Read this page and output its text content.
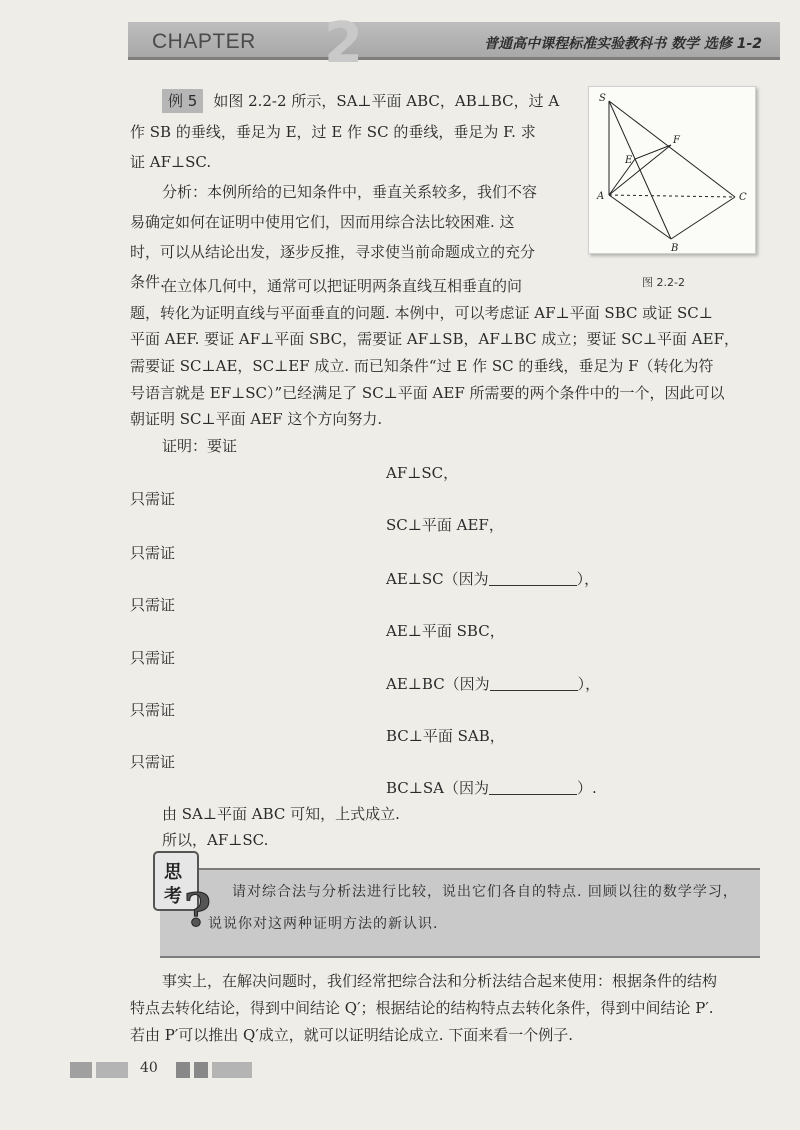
2
CHAPTER	普通高中课程标准实验教科书 数学 选修 1-2
例 5 如图 2.2-2 所示，SA⊥平面 ABC，AB⊥BC，过 A
作 SB 的垂线，垂足为 E，过 E 作 SC 的垂线，垂足为 F. 求
证 AF⊥SC.
分析：本例所给的已知条件中，垂直关系较多，我们不容
易确定如何在证明中使用它们，因而用综合法比较困难. 这
时，可以从结论出发，逐步反推，寻求使当前命题成立的充分
条件.
S
F
E
A	C
B
图 2.2-2
在立体几何中，通常可以把证明两条直线互相垂直的问
题，转化为证明直线与平面垂直的问题. 本例中，可以考虑证 AF⊥平面 SBC 或证 SC⊥
平面 AEF. 要证 AF⊥平面 SBC，需要证 AF⊥SB，AF⊥BC 成立；要证 SC⊥平面 AEF，
需要证 SC⊥AE，SC⊥EF 成立. 而已知条件“过 E 作 SC 的垂线，垂足为 F（转化为符
号语言就是 EF⊥SC）”已经满足了 SC⊥平面 AEF 所需要的两个条件中的一个，因此可以
朝证明 SC⊥平面 AEF 这个方向努力.
证明：要证
AF⊥SC，
只需证
SC⊥平面 AEF，
只需证
AE⊥SC（因为	），
只需证
AE⊥平面 SBC，
只需证
AE⊥BC（因为	），
只需证
BC⊥平面 SAB，
只需证
BC⊥SA（因为	）.
由 SA⊥平面 ABC 可知，上式成立.
所以，AF⊥SC.
思
考 ?	请对综合法与分析法进行比较，说出它们各自的特点. 回顾以往的数学学习，说说你对这两种证明方法的新认识.
事实上，在解决问题时，我们经常把综合法和分析法结合起来使用：根据条件的结构
特点去转化结论，得到中间结论 Q′；根据结论的结构特点去转化条件，得到中间结论 P′.
若由 P′可以推出 Q′成立，就可以证明结论成立. 下面来看一个例子.
40
